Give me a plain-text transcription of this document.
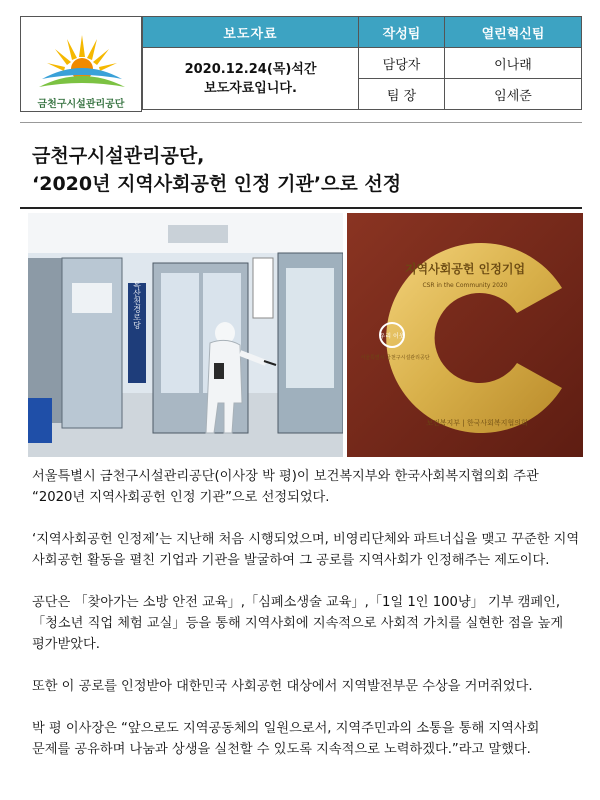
금천구시설관리공단
보도자료	작성팀	열린혁신팀
2020.12.24(목)석간
보도자료입니다.	담당자	이나래
	팀 장	임세준
금천구시설관리공단,
‘2020년 지역사회공헌 인정 기관’으로 선정
독산천경로당
지역사회공헌 인정기업
CSR in the Community 2020
우리 이웃
서울특별시 금천구시설관리공단
보건복지부 | 한국사회복지협의회

서울특별시 금천구시설관리공단(이사장 박 평)이 보건복지부와 한국사회복지협의회 주관 “2020년 지역사회공헌 인정 기관”으로 선정되었다.

‘지역사회공헌 인정제’는 지난해 처음 시행되었으며, 비영리단체와 파트너십을 맺고 꾸준한 지역 사회공헌 활동을 펼친 기업과 기관을 발굴하여 그 공로를 지역사회가 인정해주는 제도이다.

공단은 「찾아가는 소방 안전 교육」,「심폐소생술 교육」,「1일 1인 100냥」 기부 캠페인, 「청소년 직업 체험 교실」등을 통해 지역사회에 지속적으로 사회적 가치를 실현한 점을 높게 평가받았다.

또한 이 공로를 인정받아 대한민국 사회공헌 대상에서 지역발전부문 수상을 거머쥐었다.

박 평 이사장은 “앞으로도 지역공동체의 일원으로서, 지역주민과의 소통을 통해 지역사회 문제를 공유하며 나눔과 상생을 실천할 수 있도록 지속적으로 노력하겠다.”라고 말했다.
